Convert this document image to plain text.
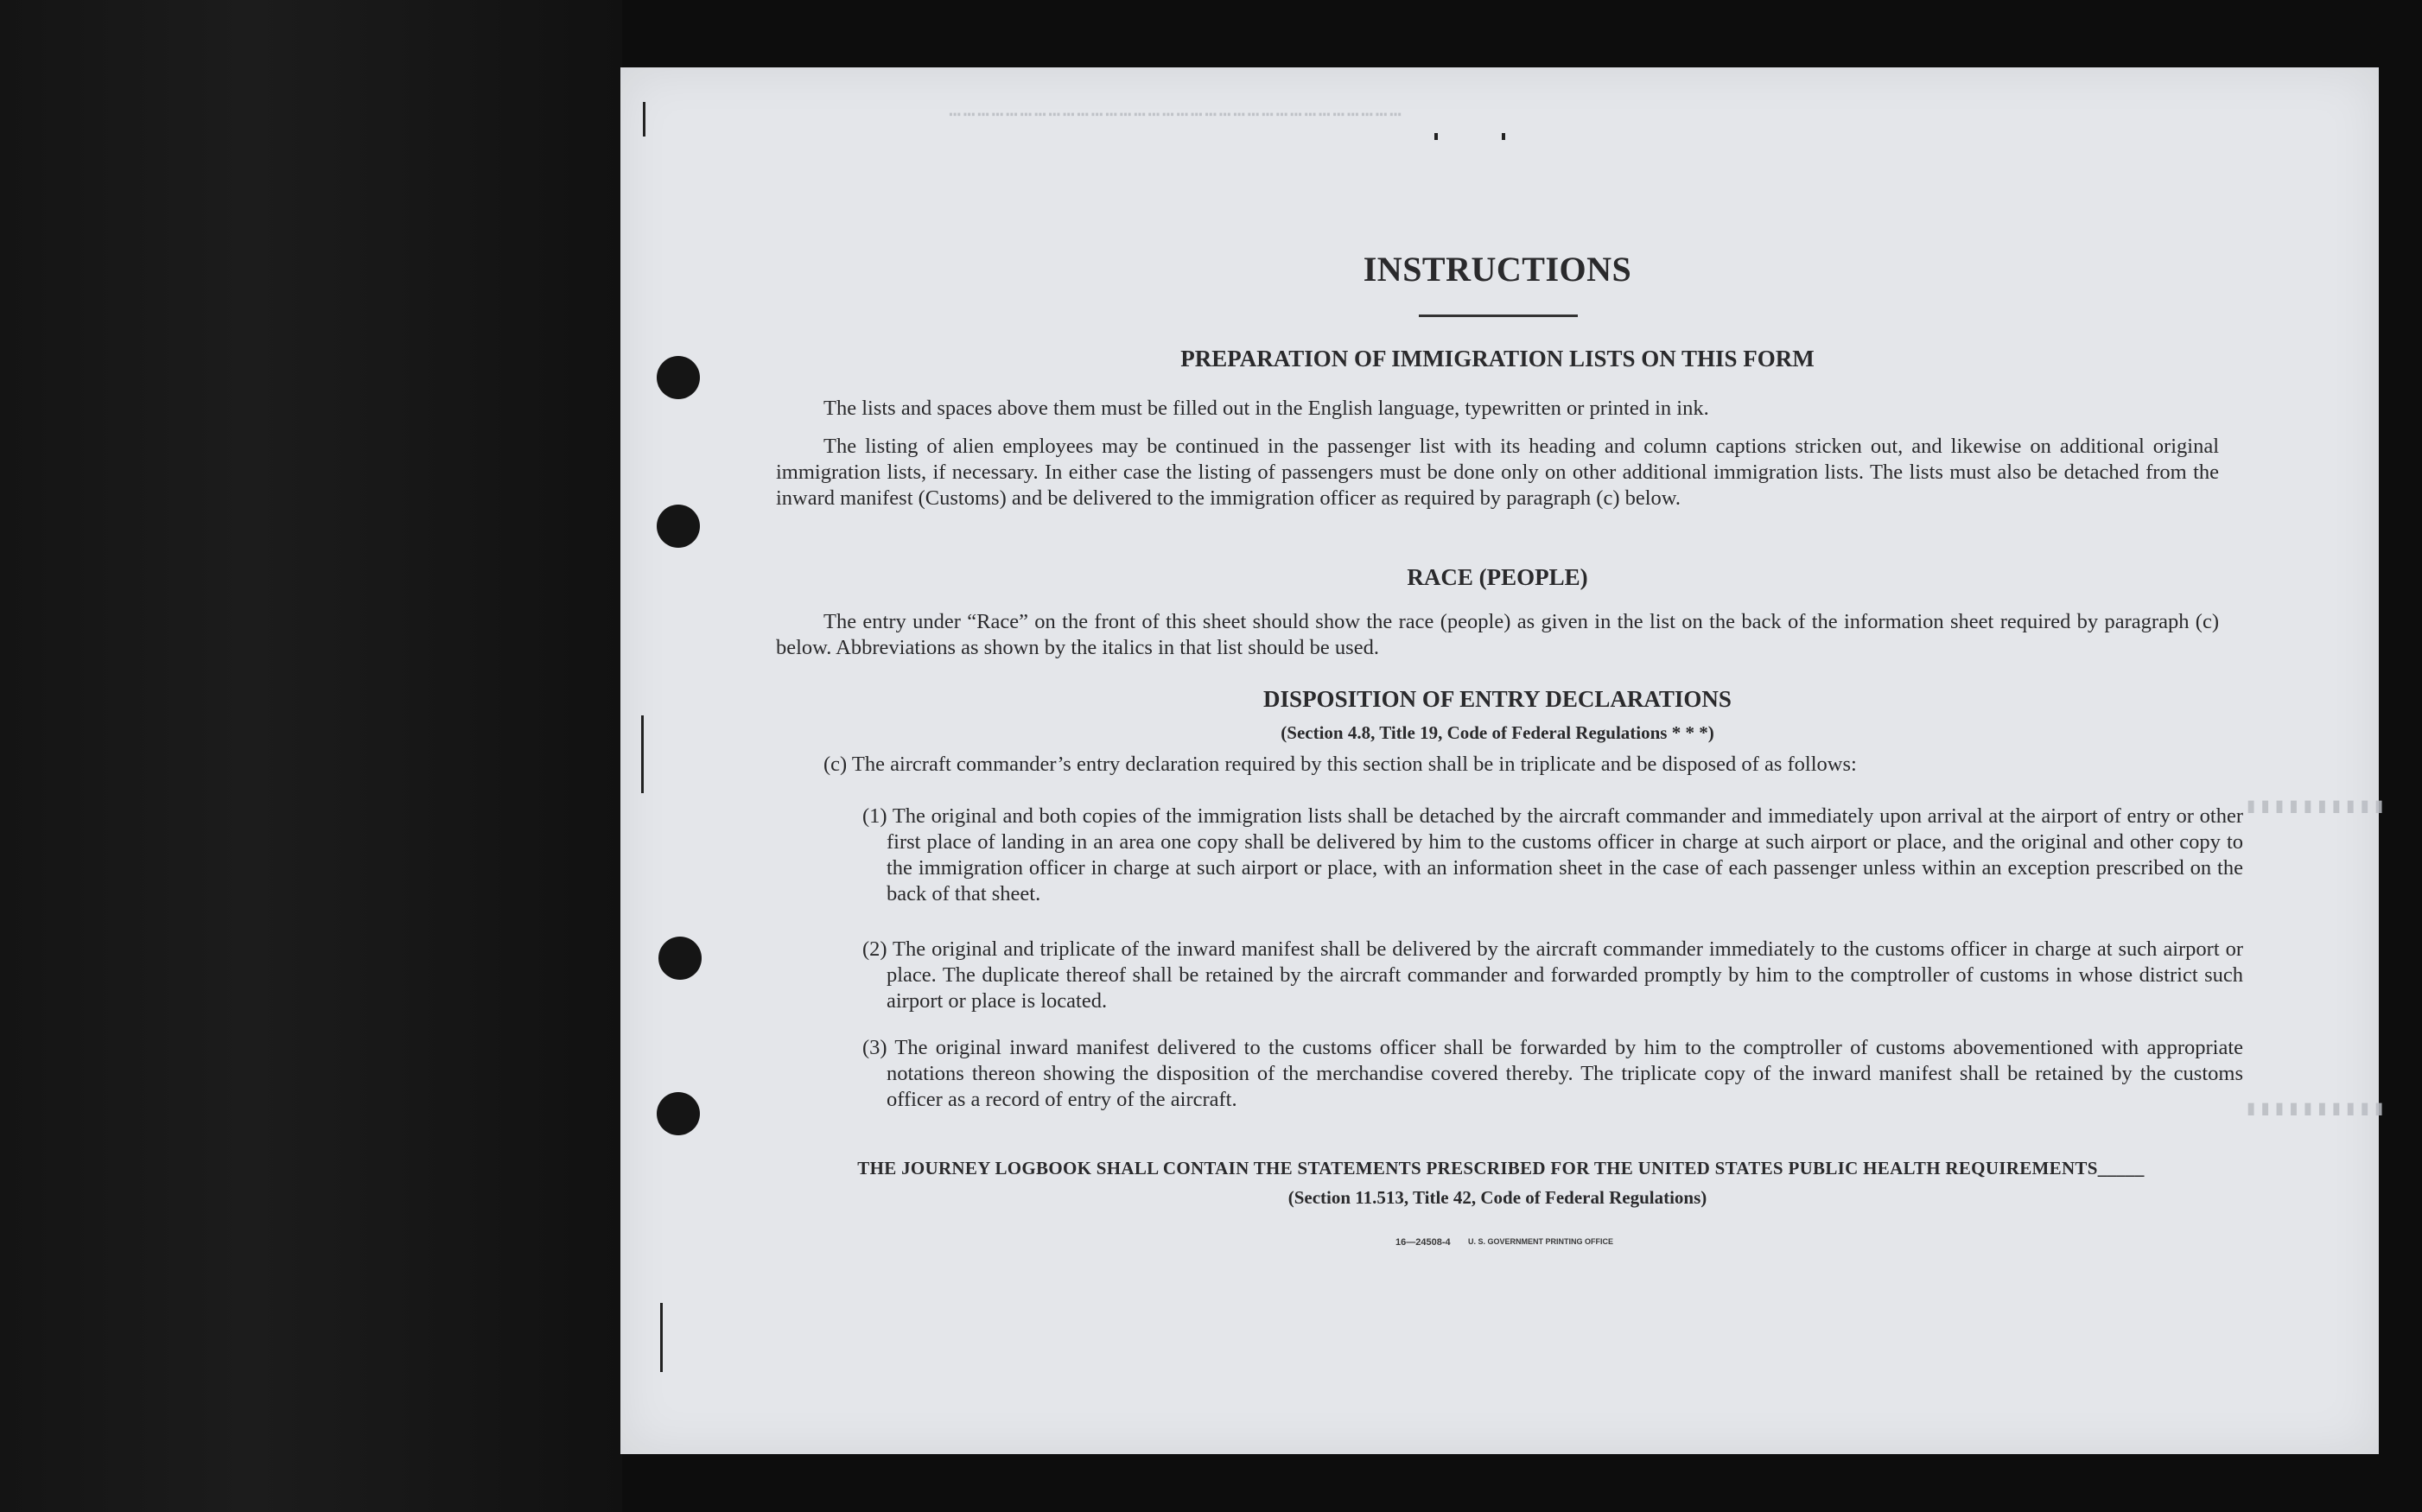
⋯⋯⋯⋯⋯⋯⋯⋯⋯⋯⋯⋯⋯⋯⋯⋯⋯⋯⋯⋯⋯⋯⋯⋯⋯⋯⋯⋯⋯⋯⋯⋯
▮▮▮▮▮▮▮▮▮▮
▮▮▮▮▮▮▮▮▮▮
INSTRUCTIONS
PREPARATION OF IMMIGRATION LISTS ON THIS FORM
The lists and spaces above them must be filled out in the English language, typewritten or printed in ink.
The listing of alien employees may be continued in the passenger list with its heading and column captions stricken out, and likewise on additional original immigration lists, if necessary. In either case the listing of passengers must be done only on other additional immigration lists. The lists must also be detached from the inward manifest (Customs) and be delivered to the immigration officer as required by paragraph (c) below.
RACE (PEOPLE)
The entry under “Race” on the front of this sheet should show the race (people) as given in the list on the back of the information sheet required by paragraph (c) below. Abbreviations as shown by the italics in that list should be used.
DISPOSITION OF ENTRY DECLARATIONS
(Section 4.8, Title 19, Code of Federal Regulations * * *)
(c) The aircraft commander’s entry declaration required by this section shall be in triplicate and be disposed of as follows:
(1) The original and both copies of the immigration lists shall be detached by the aircraft commander and immediately upon arrival at the airport of entry or other first place of landing in an area one copy shall be delivered by him to the customs officer in charge at such airport or place, and the original and other copy to the immigration officer in charge at such airport or place, with an information sheet in the case of each passenger unless within an exception prescribed on the back of that sheet.
(2) The original and triplicate of the inward manifest shall be delivered by the aircraft commander immediately to the customs officer in charge at such airport or place. The duplicate thereof shall be retained by the aircraft commander and forwarded promptly by him to the comptroller of customs in whose district such airport or place is located.
(3) The original inward manifest delivered to the customs officer shall be forwarded by him to the comptroller of customs abovementioned with appropriate notations thereon showing the disposition of the merchandise covered thereby. The triplicate copy of the inward manifest shall be retained by the customs officer as a record of entry of the aircraft.
THE JOURNEY LOGBOOK SHALL CONTAIN THE STATEMENTS PRESCRIBED FOR THE UNITED STATES PUBLIC HEALTH REQUIREMENTS_____
(Section 11.513, Title 42, Code of Federal Regulations)
16—24508-4 U. S. GOVERNMENT PRINTING OFFICE
